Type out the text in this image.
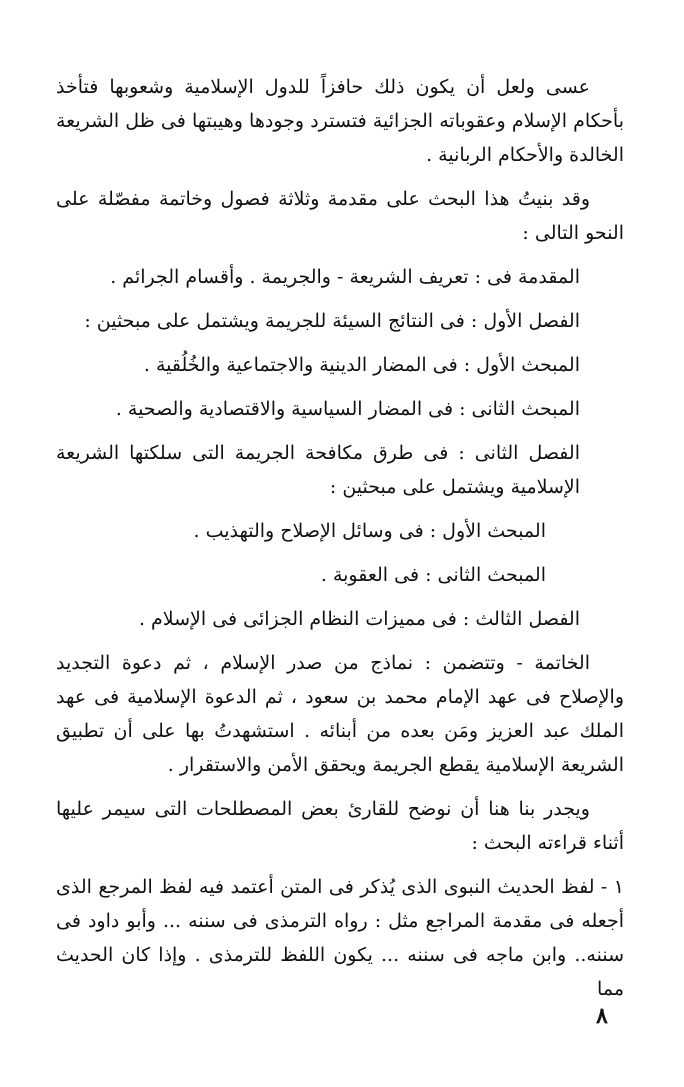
عسى ولعل أن يكون ذلك حافزاً للدول الإسلامية وشعوبها فتأخذ بأحكام الإسلام وعقوباته الجزائية فتسترد وجودها وهيبتها فى ظل الشريعة الخالدة والأحكام الربانية .

وقد بنيتُ هذا البحث على مقدمة وثلاثة فصول وخاتمة مفصّلة على النحو التالى :

المقدمة فى : تعريف الشريعة - والجريمة . وأقسام الجرائم .

الفصل الأول : فى النتائج السيئة للجريمة ويشتمل على مبحثين :

المبحث الأول : فى المضار الدينية والاجتماعية والخُلُقية .

المبحث الثانى : فى المضار السياسية والاقتصادية والصحية .

الفصل الثانى : فى طرق مكافحة الجريمة التى سلكتها الشريعة الإسلامية ويشتمل على مبحثين :

المبحث الأول : فى وسائل الإصلاح والتهذيب .

المبحث الثانى : فى العقوبة .

الفصل الثالث : فى مميزات النظام الجزائى فى الإسلام .

الخاتمة - وتتضمن : نماذج من صدر الإسلام ، ثم دعوة التجديد والإصلاح فى عهد الإمام محمد بن سعود ، ثم الدعوة الإسلامية فى عهد الملك عبد العزيز ومَن بعده من أبنائه . استشهدتُ بها على أن تطبيق الشريعة الإسلامية يقطع الجريمة ويحقق الأمن والاستقرار .

ويجدر بنا هنا أن نوضح للقارئ بعض المصطلحات التى سيمر عليها أثناء قراءته البحث :

١ - لفظ الحديث النبوى الذى يُذكر فى المتن أعتمد فيه لفظ المرجع الذى أجعله فى مقدمة المراجع مثل : رواه الترمذى فى سننه ... وأبو داود فى سننه.. وابن ماجه فى سننه ... يكون اللفظ للترمذى . وإذا كان الحديث مما

٨
